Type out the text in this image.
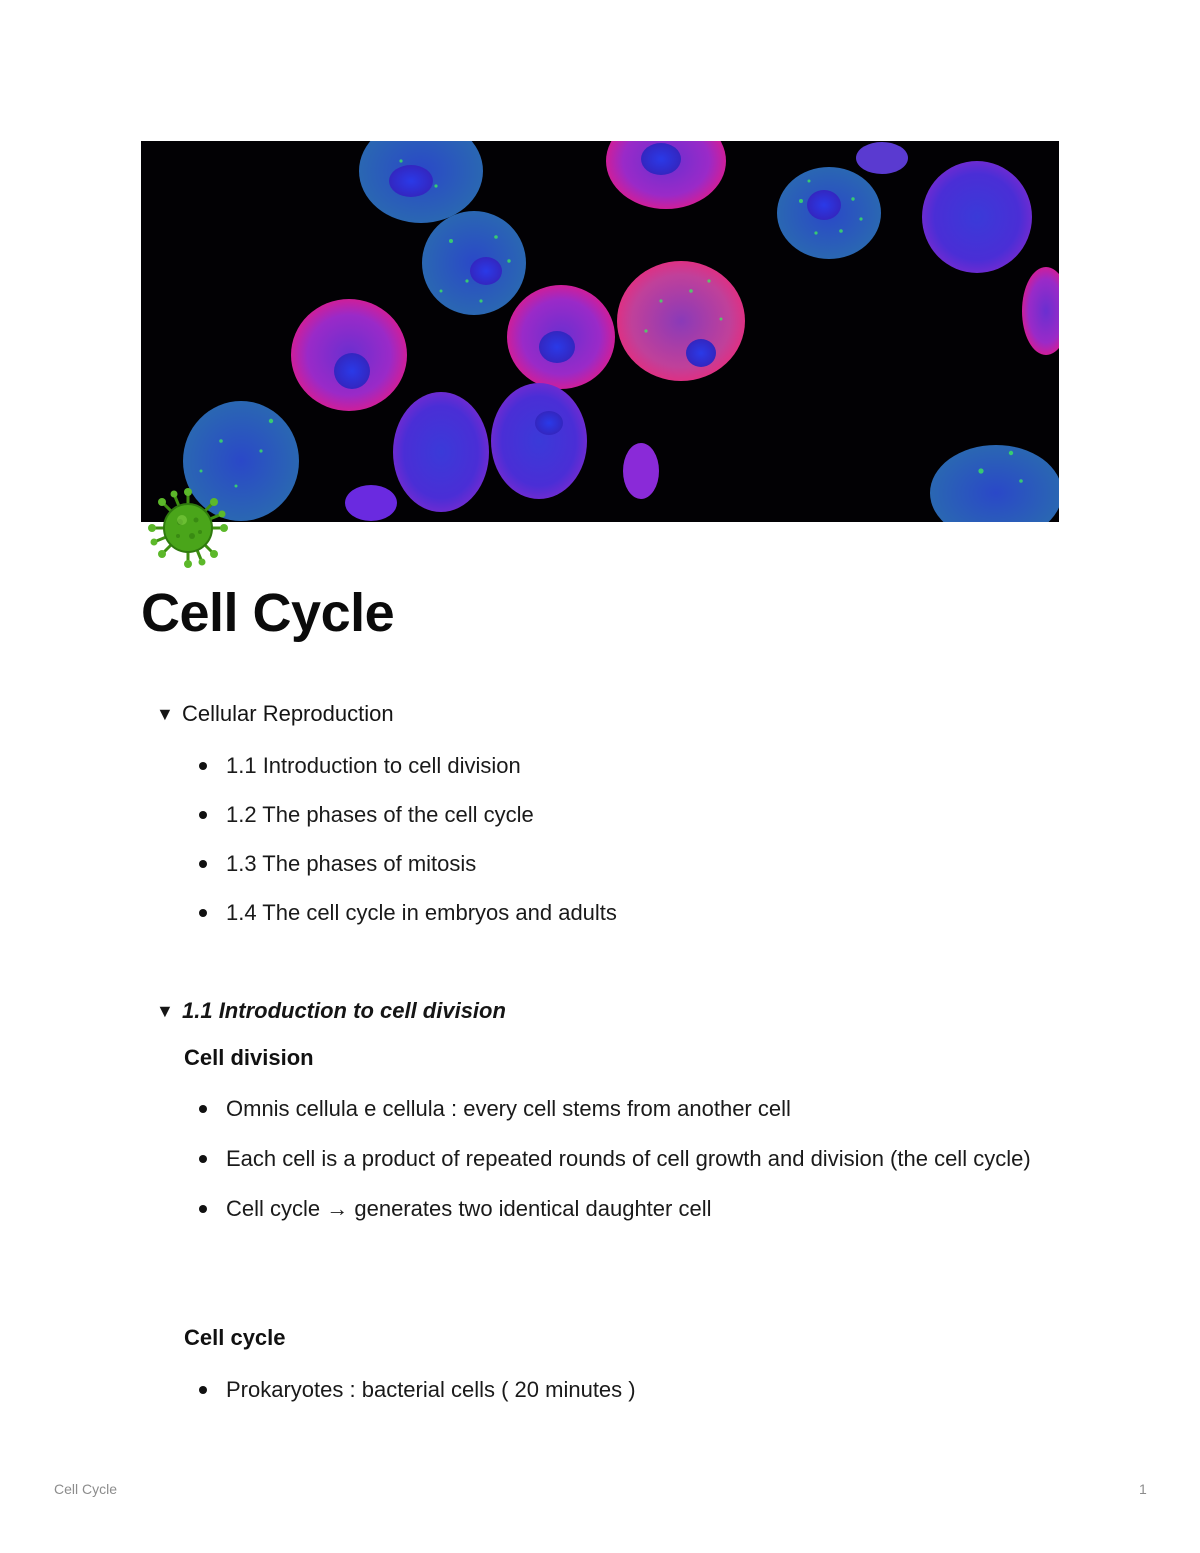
Cell Cycle
▼ Cellular Reproduction
1.1 Introduction to cell division
1.2 The phases of the cell cycle
1.3 The phases of mitosis
1.4 The cell cycle in embryos and adults
▼ 1.1 Introduction to cell division
Cell division
Omnis cellula e cellula : every cell stems from another cell
Each cell is a product of repeated rounds of cell growth and division (the cell cycle)
Cell cycle → generates two identical daughter cell
Cell cycle
Prokaryotes : bacterial cells ( 20 minutes )
Cell Cycle	1
